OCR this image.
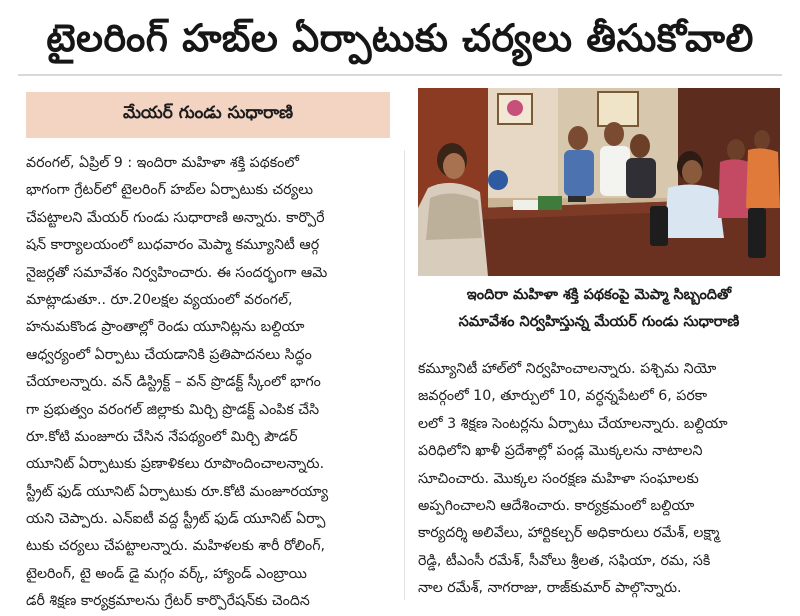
టైలరింగ్ హబ్‌ల ఏర్పాటుకు చర్యలు తీసుకోవాలి
మేయర్ గుండు సుధారాణి
వరంగల్, ఏప్రిల్ 9 : ఇందిరా మహిళా శక్తి పథకంలో
భాగంగా గ్రేటర్‌లో టైలరింగ్ హబ్‌ల ఏర్పాటుకు చర్యలు
చేపట్టాలని మేయర్ గుండు సుధారాణి అన్నారు. కార్పొరే
షన్ కార్యాలయంలో బుధవారం మెప్మా కమ్యూనిటీ ఆర్గ
నైజర్లతో సమావేశం నిర్వహించారు. ఈ సందర్భంగా ఆమె
మాట్లాడుతూ.. రూ.20లక్షల వ్యయంలో వరంగల్,
హనుమకొండ ప్రాంతాల్లో రెండు యూనిట్లను బల్దియా
ఆధ్వర్యంలో ఏర్పాటు చేయడానికి ప్రతిపాదనలు సిద్ధం
చేయాలన్నారు. వన్ డిస్ట్రిక్ట్ – వన్ ప్రొడక్ట్ స్కీంలో భాగం
గా ప్రభుత్వం వరంగల్ జిల్లాకు మిర్చి ప్రొడక్ట్ ఎంపిక చేసి
రూ.కోటి మంజూరు చేసిన నేపథ్యంలో మిర్చి పౌడర్
యూనిట్ ఏర్పాటుకు ప్రణాళికలు రూపొందించాలన్నారు.
స్ట్రీట్ ఫుడ్ యూనిట్ ఏర్పాటుకు రూ.కోటి మంజూరయ్యా
యని చెప్పారు. ఎన్ఐటీ వద్ద స్ట్రీట్ ఫుడ్ యూనిట్ ఏర్పా
టుకు చర్యలు చేపట్టాలన్నారు. మహిళలకు శారీ రోలింగ్,
టైలరింగ్, టై అండ్ డై మగ్గం వర్క్, హ్యాండ్ ఎంబ్రాయి
డరీ శిక్షణ కార్యక్రమాలను గ్రేటర్ కార్పొరేషన్‌కు చెందిన
ఇందిరా మహిళా శక్తి పథకంపై మెప్మా సిబ్బందితో
సమావేశం నిర్వహిస్తున్న మేయర్ గుండు సుధారాణి
కమ్యూనిటీ హాల్‌లో నిర్వహించాలన్నారు. పశ్చిమ నియో
జవర్గంలో 10, తూర్పులో 10, వర్ధన్నపేటలో 6, పరకా
లలో 3 శిక్షణ సెంటర్లను ఏర్పాటు చేయాలన్నారు. బల్దియా
పరిధిలోని ఖాళీ ప్రదేశాల్లో పండ్ల మొక్కలను నాటాలని
సూచించారు. మొక్కల సంరక్షణ మహిళా సంఘాలకు
అప్పగించాలని ఆదేశించారు. కార్యక్రమంలో బల్దియా
కార్యదర్శి అలివేలు, హార్టికల్చర్ అధికారులు రమేశ్, లక్ష్మా
రెడ్డి, టీఎంసీ రమేశ్, సీవోలు శ్రీలత, సఫియా, రమ, సకి
నాల రమేశ్, నాగరాజు, రాజ్‌కుమార్ పాల్గొన్నారు.
